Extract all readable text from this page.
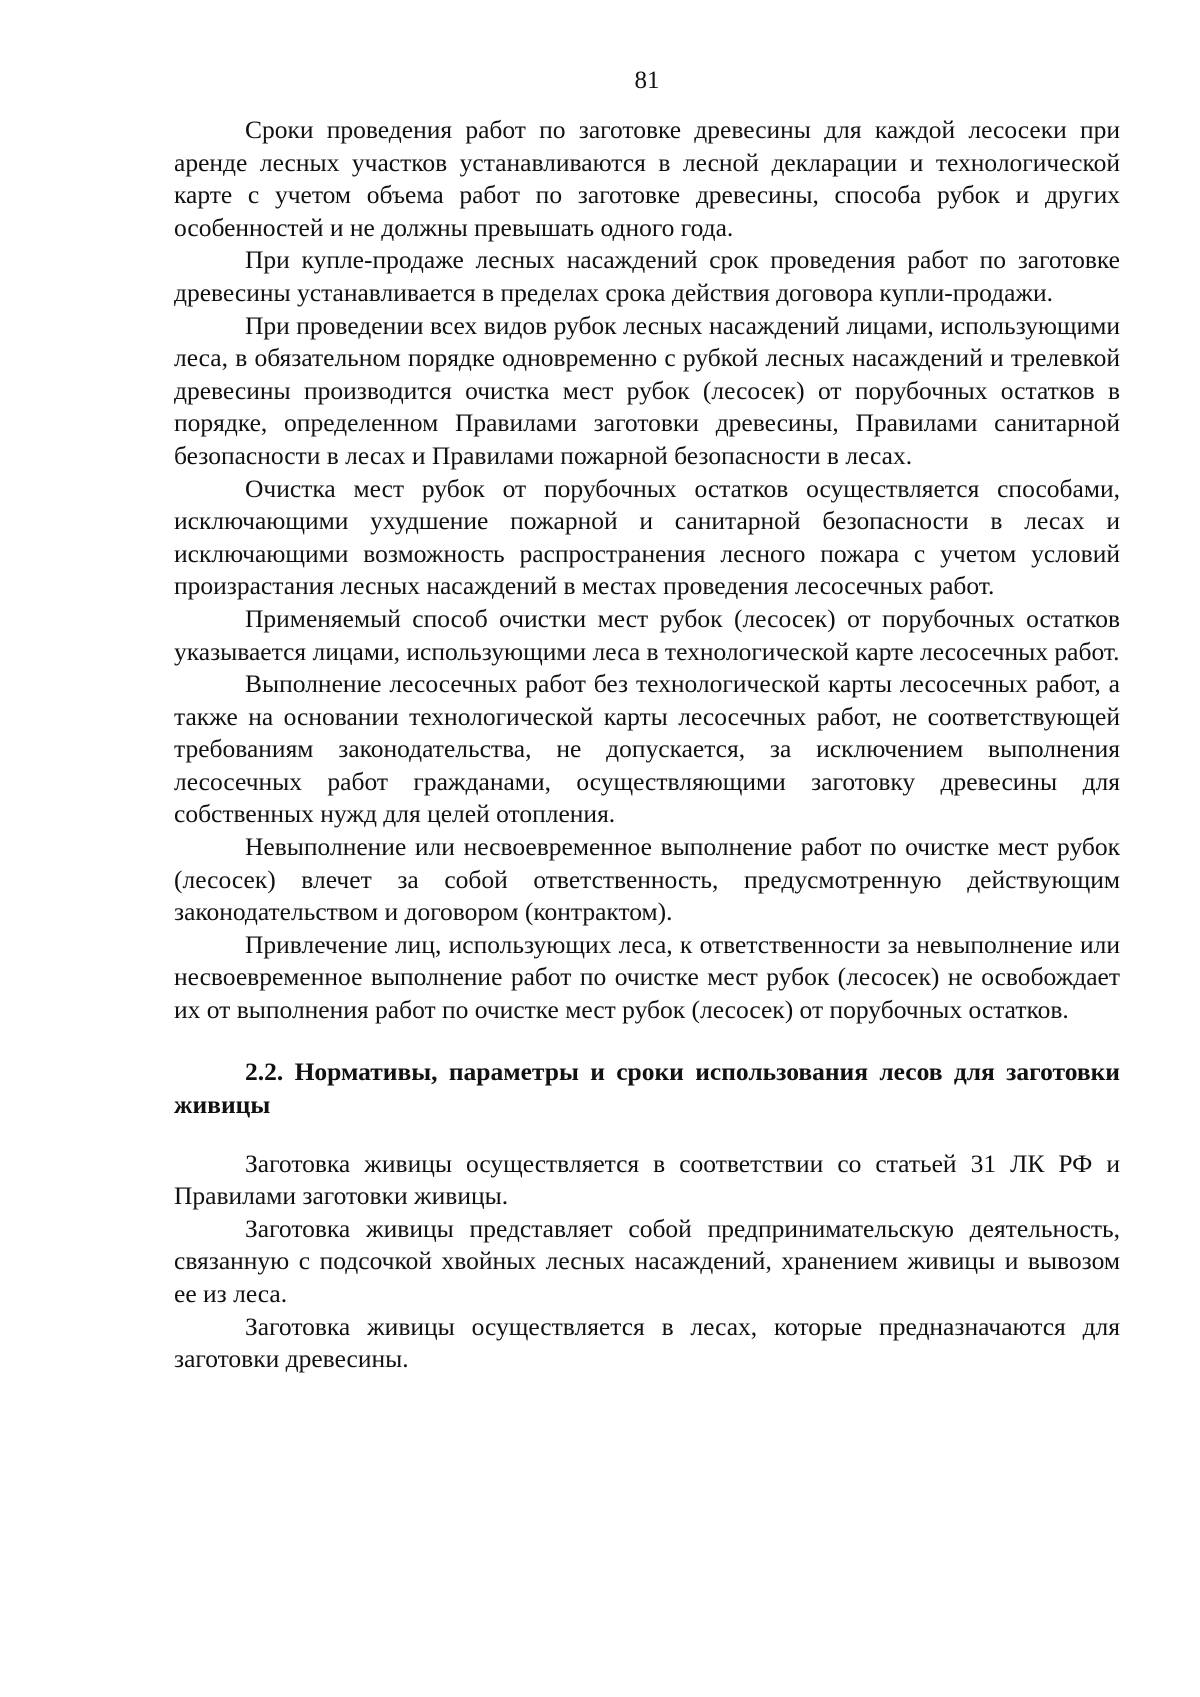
81

Сроки проведения работ по заготовке древесины для каждой лесосеки при аренде лесных участков устанавливаются в лесной декларации и технологической карте с учетом объема работ по заготовке древесины, способа рубок и других особенностей и не должны превышать одного года.

При купле-продаже лесных насаждений срок проведения работ по заготовке древесины устанавливается в пределах срока действия договора купли-продажи.

При проведении всех видов рубок лесных насаждений лицами, использующими леса, в обязательном порядке одновременно с рубкой лесных насаждений и трелевкой древесины производится очистка мест рубок (лесосек) от порубочных остатков в порядке, определенном Правилами заготовки древесины, Правилами санитарной безопасности в лесах и Правилами пожарной безопасности в лесах.

Очистка мест рубок от порубочных остатков осуществляется способами, исключающими ухудшение пожарной и санитарной безопасности в лесах и исключающими возможность распространения лесного пожара с учетом условий произрастания лесных насаждений в местах проведения лесосечных работ.

Применяемый способ очистки мест рубок (лесосек) от порубочных остатков указывается лицами, использующими леса в технологической карте лесосечных работ.

Выполнение лесосечных работ без технологической карты лесосечных работ, а также на основании технологической карты лесосечных работ, не соответствующей требованиям законодательства, не допускается, за исключением выполнения лесосечных работ гражданами, осуществляющими заготовку древесины для собственных нужд для целей отопления.

Невыполнение или несвоевременное выполнение работ по очистке мест рубок (лесосек) влечет за собой ответственность, предусмотренную действующим законодательством и договором (контрактом).

Привлечение лиц, использующих леса, к ответственности за невыполнение или несвоевременное выполнение работ по очистке мест рубок (лесосек) не освобождает их от выполнения работ по очистке мест рубок (лесосек) от порубочных остатков.

2.2. Нормативы, параметры и сроки использования лесов для заготовки живицы

Заготовка живицы осуществляется в соответствии со статьей 31 ЛК РФ и Правилами заготовки живицы.

Заготовка живицы представляет собой предпринимательскую деятельность, связанную с подсочкой хвойных лесных насаждений, хранением живицы и вывозом ее из леса.

Заготовка живицы осуществляется в лесах, которые предназначаются для заготовки древесины.
